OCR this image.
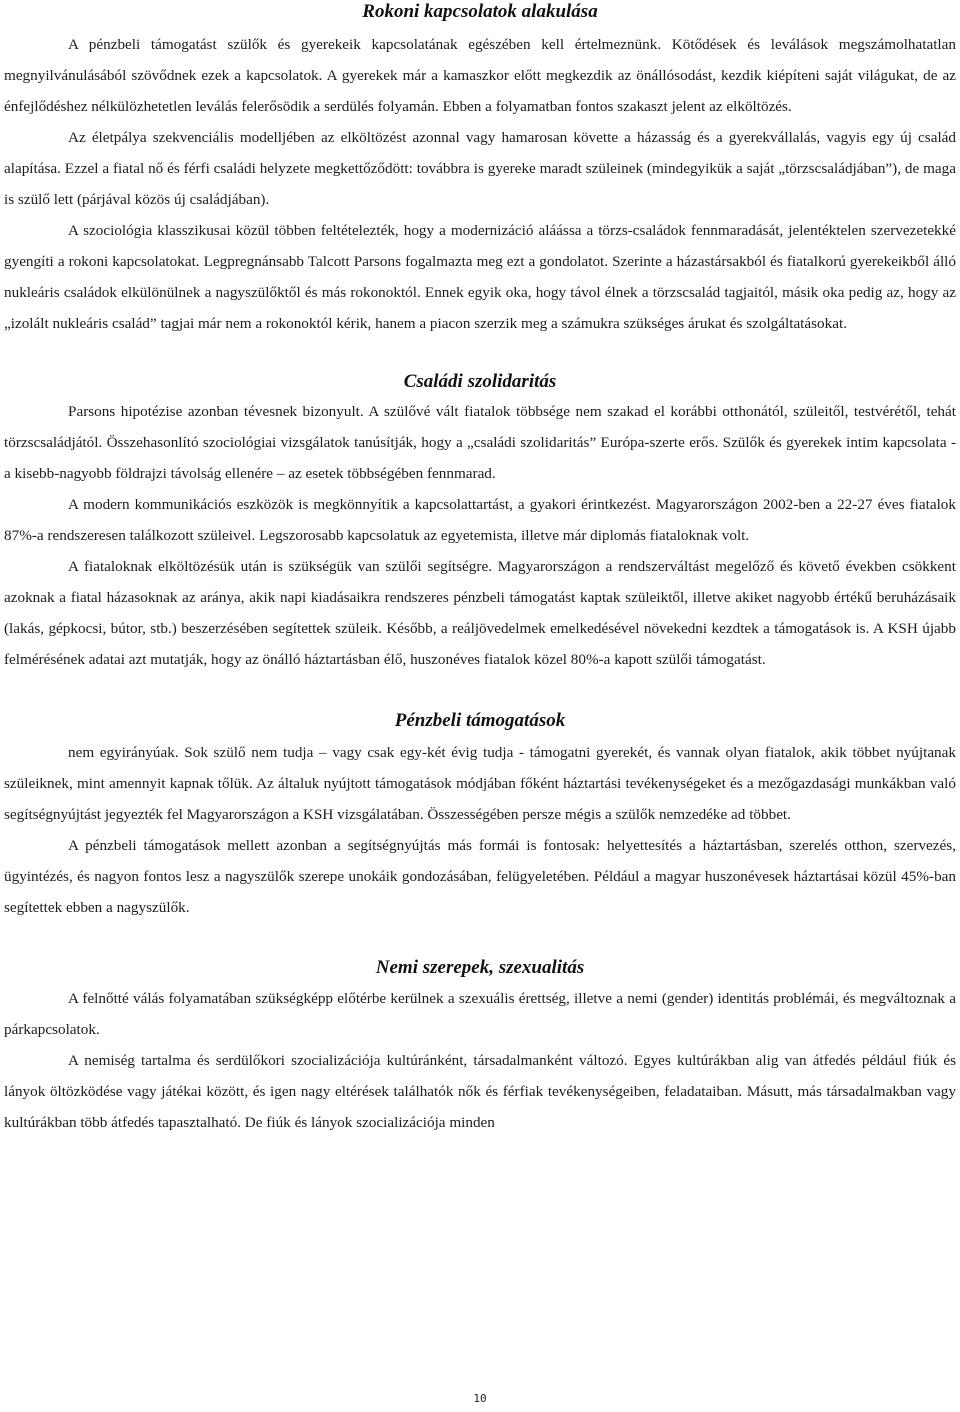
Rokoni kapcsolatok alakulása

A pénzbeli támogatást szülők és gyerekeik kapcsolatának egészében kell értelmeznünk. Kötődések és leválások megszámolhatatlan megnyilvánulásából szövődnek ezek a kapcsolatok. A gyerekek már a kamaszkor előtt megkezdik az önállósodást, kezdik kiépíteni saját világukat, de az énfejlődéshez nélkülözhetetlen leválás felerősödik a serdülés folyamán. Ebben a folyamatban fontos szakaszt jelent az elköltözés.

Az életpálya szekvenciális modelljében az elköltözést azonnal vagy hamarosan követte a házasság és a gyerekvállalás, vagyis egy új család alapítása. Ezzel a fiatal nő és férfi családi helyzete megkettőződött: továbbra is gyereke maradt szüleinek (mindegyikük a saját „törzscsaládjában”), de maga is szülő lett (párjával közös új családjában).

A szociológia klasszikusai közül többen feltételezték, hogy a modernizáció aláássa a törzs-családok fennmaradását, jelentéktelen szervezetekké gyengíti a rokoni kapcsolatokat. Legpregnánsabb Talcott Parsons fogalmazta meg ezt a gondolatot. Szerinte a házastársakból és fiatalkorú gyerekeikből álló nukleáris családok elkülönülnek a nagyszülőktől és más rokonoktól. Ennek egyik oka, hogy távol élnek a törzscsalád tagjaitól, másik oka pedig az, hogy az „izolált nukleáris család” tagjai már nem a rokonoktól kérik, hanem a piacon szerzik meg a számukra szükséges árukat és szolgáltatásokat.

Családi szolidaritás

Parsons hipotézise azonban tévesnek bizonyult. A szülővé vált fiatalok többsége nem szakad el korábbi otthonától, szüleitől, testvérétől, tehát törzscsaládjától. Összehasonlító szociológiai vizsgálatok tanúsítják, hogy a „családi szolidaritás” Európa-szerte erős. Szülők és gyerekek intim kapcsolata - a kisebb-nagyobb földrajzi távolság ellenére – az esetek többségében fennmarad.

A modern kommunikációs eszközök is megkönnyítik a kapcsolattartást, a gyakori érintkezést. Magyarországon 2002-ben a 22-27 éves fiatalok 87%-a rendszeresen találkozott szüleivel. Legszorosabb kapcsolatuk az egyetemista, illetve már diplomás fiataloknak volt.

A fiataloknak elköltözésük után is szükségük van szülői segítségre. Magyarországon a rendszerváltást megelőző és követő években csökkent azoknak a fiatal házasoknak az aránya, akik napi kiadásaikra rendszeres pénzbeli támogatást kaptak szüleiktől, illetve akiket nagyobb értékű beruházásaik (lakás, gépkocsi, bútor, stb.) beszerzésében segítettek szüleik. Később, a reáljövedelmek emelkedésével növekedni kezdtek a támogatások is. A KSH újabb felmérésének adatai azt mutatják, hogy az önálló háztartásban élő, huszonéves fiatalok közel 80%-a kapott szülői támogatást.

Pénzbeli támogatások

nem egyirányúak. Sok szülő nem tudja – vagy csak egy-két évig tudja - támogatni gyerekét, és vannak olyan fiatalok, akik többet nyújtanak szüleiknek, mint amennyit kapnak tőlük. Az általuk nyújtott támogatások módjában főként háztartási tevékenységeket és a mezőgazdasági munkákban való segítségnyújtást jegyezték fel Magyarországon a KSH vizsgálatában. Összességében persze mégis a szülők nemzedéke ad többet.

A pénzbeli támogatások mellett azonban a segítségnyújtás más formái is fontosak: helyettesítés a háztartásban, szerelés otthon, szervezés, ügyintézés, és nagyon fontos lesz a nagyszülők szerepe unokáik gondozásában, felügyeletében. Például a magyar huszonévesek háztartásai közül 45%-ban segítettek ebben a nagyszülők.

Nemi szerepek, szexualitás

A felnőtté válás folyamatában szükségképp előtérbe kerülnek a szexuális érettség, illetve a nemi (gender) identitás problémái, és megváltoznak a párkapcsolatok.

A nemiség tartalma és serdülőkori szocializációja kultúránként, társadalmanként változó. Egyes kultúrákban alig van átfedés például fiúk és lányok öltözködése vagy játékai között, és igen nagy eltérések találhatók nők és férfiak tevékenységeiben, feladataiban. Másutt, más társadalmakban vagy kultúrákban több átfedés tapasztalható. De fiúk és lányok szocializációja minden

10
